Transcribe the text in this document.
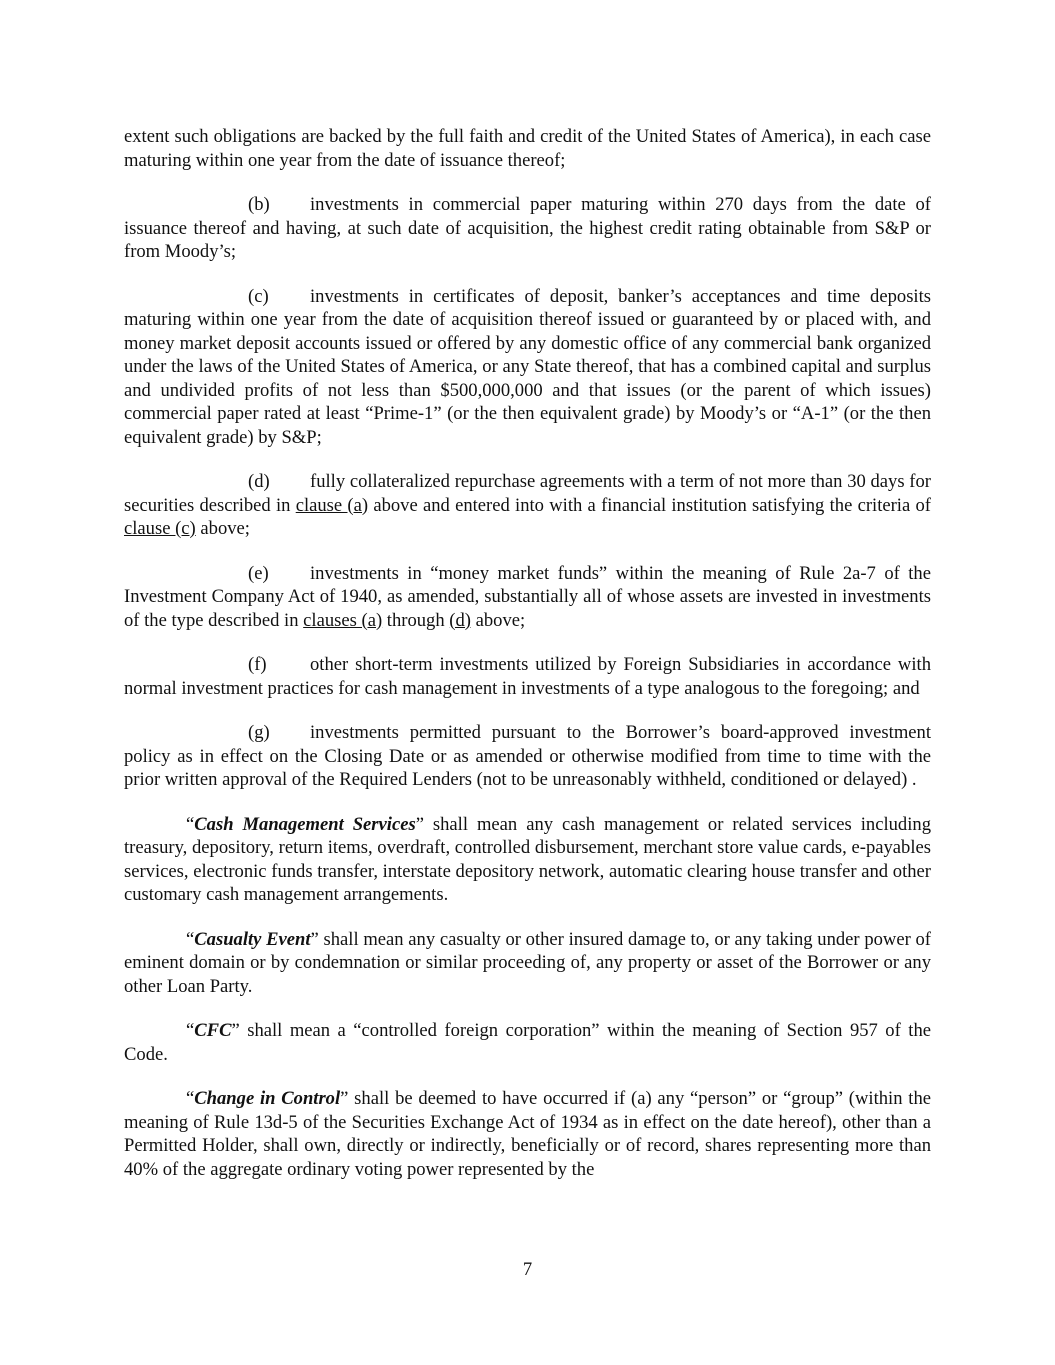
extent such obligations are backed by the full faith and credit of the United States of America), in each case maturing within one year from the date of issuance thereof;

(b) investments in commercial paper maturing within 270 days from the date of issuance thereof and having, at such date of acquisition, the highest credit rating obtainable from S&P or from Moody’s;

(c) investments in certificates of deposit, banker’s acceptances and time deposits maturing within one year from the date of acquisition thereof issued or guaranteed by or placed with, and money market deposit accounts issued or offered by any domestic office of any commercial bank organized under the laws of the United States of America, or any State thereof, that has a combined capital and surplus and undivided profits of not less than $500,000,000 and that issues (or the parent of which issues) commercial paper rated at least “Prime-1” (or the then equivalent grade) by Moody’s or “A-1” (or the then equivalent grade) by S&P;

(d) fully collateralized repurchase agreements with a term of not more than 30 days for securities described in clause (a) above and entered into with a financial institution satisfying the criteria of clause (c) above;

(e) investments in “money market funds” within the meaning of Rule 2a-7 of the Investment Company Act of 1940, as amended, substantially all of whose assets are invested in investments of the type described in clauses (a) through (d) above;

(f) other short-term investments utilized by Foreign Subsidiaries in accordance with normal investment practices for cash management in investments of a type analogous to the foregoing; and

(g) investments permitted pursuant to the Borrower’s board-approved investment policy as in effect on the Closing Date or as amended or otherwise modified from time to time with the prior written approval of the Required Lenders (not to be unreasonably withheld, conditioned or delayed) .

“Cash Management Services” shall mean any cash management or related services including treasury, depository, return items, overdraft, controlled disbursement, merchant store value cards, e-payables services, electronic funds transfer, interstate depository network, automatic clearing house transfer and other customary cash management arrangements.

“Casualty Event” shall mean any casualty or other insured damage to, or any taking under power of eminent domain or by condemnation or similar proceeding of, any property or asset of the Borrower or any other Loan Party.

“CFC” shall mean a “controlled foreign corporation” within the meaning of Section 957 of the Code.

“Change in Control” shall be deemed to have occurred if (a) any “person” or “group” (within the meaning of Rule 13d-5 of the Securities Exchange Act of 1934 as in effect on the date hereof), other than a Permitted Holder, shall own, directly or indirectly, beneficially or of record, shares representing more than 40% of the aggregate ordinary voting power represented by the

7
